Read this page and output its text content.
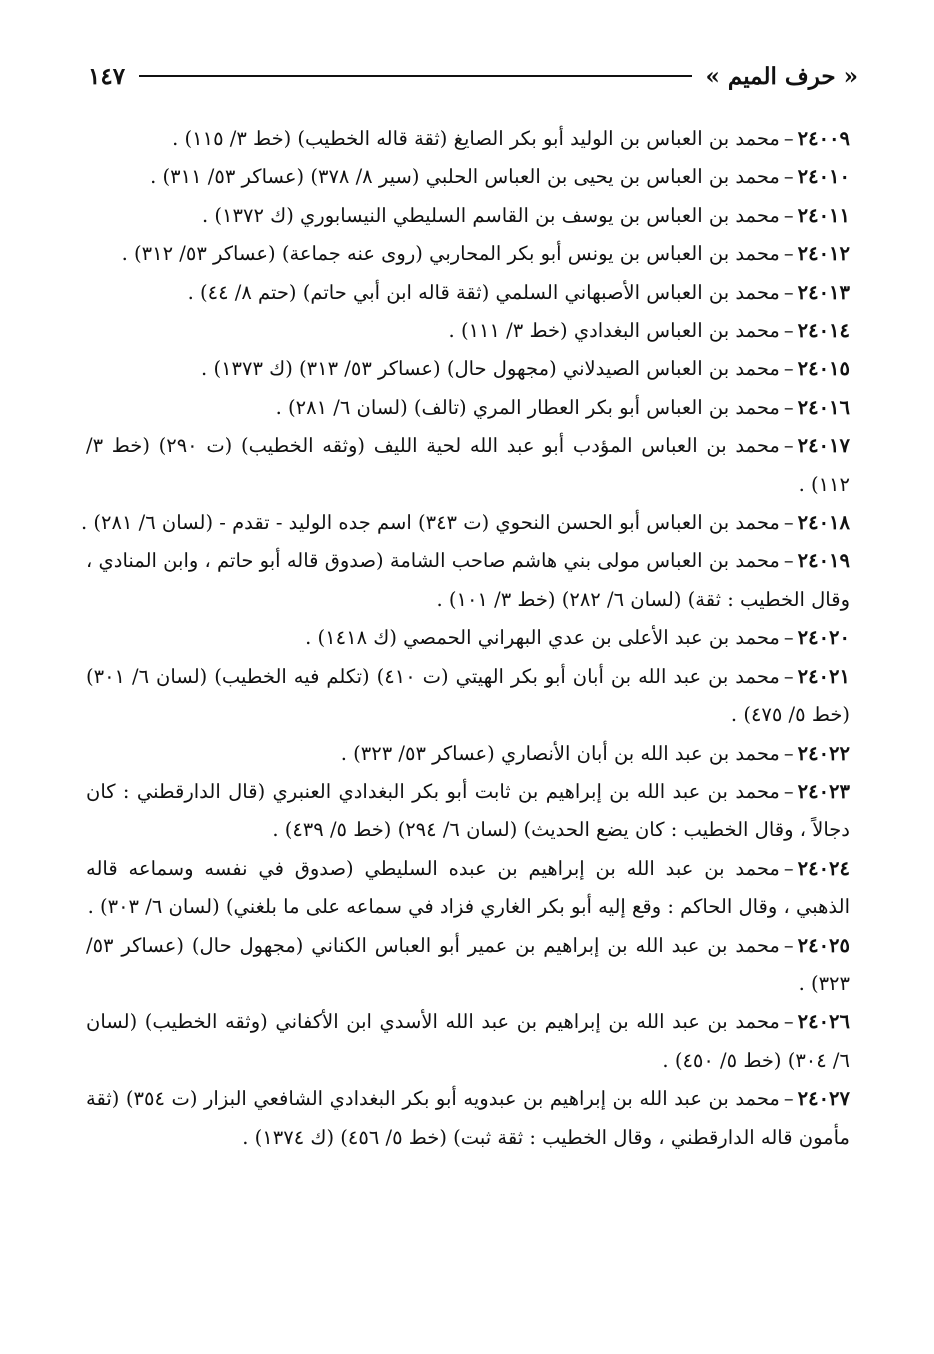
« حرف الميم »
١٤٧
٢٤٠٠٩–محمد بن العباس بن الوليد أبو بكر الصايغ (ثقة قاله الخطيب) (خط ٣/ ١١٥) .
٢٤٠١٠–محمد بن العباس بن يحيى بن العباس الحلبي (سير ٨/ ٣٧٨) (عساكر ٥٣/ ٣١١) .
٢٤٠١١–محمد بن العباس بن يوسف بن القاسم السليطي النيسابوري (ك ١٣٧٢) .
٢٤٠١٢–محمد بن العباس بن يونس أبو بكر المحاربي (روى عنه جماعة) (عساكر ٥٣/ ٣١٢) .
٢٤٠١٣–محمد بن العباس الأصبهاني السلمي (ثقة قاله ابن أبي حاتم) (حتم ٨/ ٤٤) .
٢٤٠١٤–محمد بن العباس البغدادي (خط ٣/ ١١١) .
٢٤٠١٥–محمد بن العباس الصيدلاني (مجهول حال) (عساكر ٥٣/ ٣١٣) (ك ١٣٧٣) .
٢٤٠١٦–محمد بن العباس أبو بكر العطار المري (تالف) (لسان ٦/ ٢٨١) .
٢٤٠١٧–محمد بن العباس المؤدب أبو عبد الله لحية الليف (وثقه الخطيب) (ت ٢٩٠) (خط ٣/ ١١٢) .
٢٤٠١٨–محمد بن العباس أبو الحسن النحوي (ت ٣٤٣) اسم جده الوليد - تقدم - (لسان ٦/ ٢٨١) .
٢٤٠١٩–محمد بن العباس مولى بني هاشم صاحب الشامة (صدوق قاله أبو حاتم ، وابن المنادي ، وقال الخطيب : ثقة) (لسان ٦/ ٢٨٢) (خط ٣/ ١٠١) .
٢٤٠٢٠–محمد بن عبد الأعلى بن عدي البهراني الحمصي (ك ١٤١٨) .
٢٤٠٢١–محمد بن عبد الله بن أبان أبو بكر الهيتي (ت ٤١٠) (تكلم فيه الخطيب) (لسان ٦/ ٣٠١) (خط ٥/ ٤٧٥) .
٢٤٠٢٢–محمد بن عبد الله بن أبان الأنصاري (عساكر ٥٣/ ٣٢٣) .
٢٤٠٢٣–محمد بن عبد الله بن إبراهيم بن ثابت أبو بكر البغدادي العنبري (قال الدارقطني : كان دجالاً ، وقال الخطيب : كان يضع الحديث) (لسان ٦/ ٢٩٤) (خط ٥/ ٤٣٩) .
٢٤٠٢٤–محمد بن عبد الله بن إبراهيم بن عبده السليطي (صدوق في نفسه وسماعه قاله الذهبي ، وقال الحاكم : وقع إليه أبو بكر الغاري فزاد في سماعه على ما بلغني) (لسان ٦/ ٣٠٣) .
٢٤٠٢٥–محمد بن عبد الله بن إبراهيم بن عمير أبو العباس الكناني (مجهول حال) (عساكر ٥٣/ ٣٢٣) .
٢٤٠٢٦–محمد بن عبد الله بن إبراهيم بن عبد الله الأسدي ابن الأكفاني (وثقه الخطيب) (لسان ٦/ ٣٠٤) (خط ٥/ ٤٥٠) .
٢٤٠٢٧–محمد بن عبد الله بن إبراهيم بن عبدويه أبو بكر البغدادي الشافعي البزار (ت ٣٥٤) (ثقة مأمون قاله الدارقطني ، وقال الخطيب : ثقة ثبت) (خط ٥/ ٤٥٦) (ك ١٣٧٤) .
